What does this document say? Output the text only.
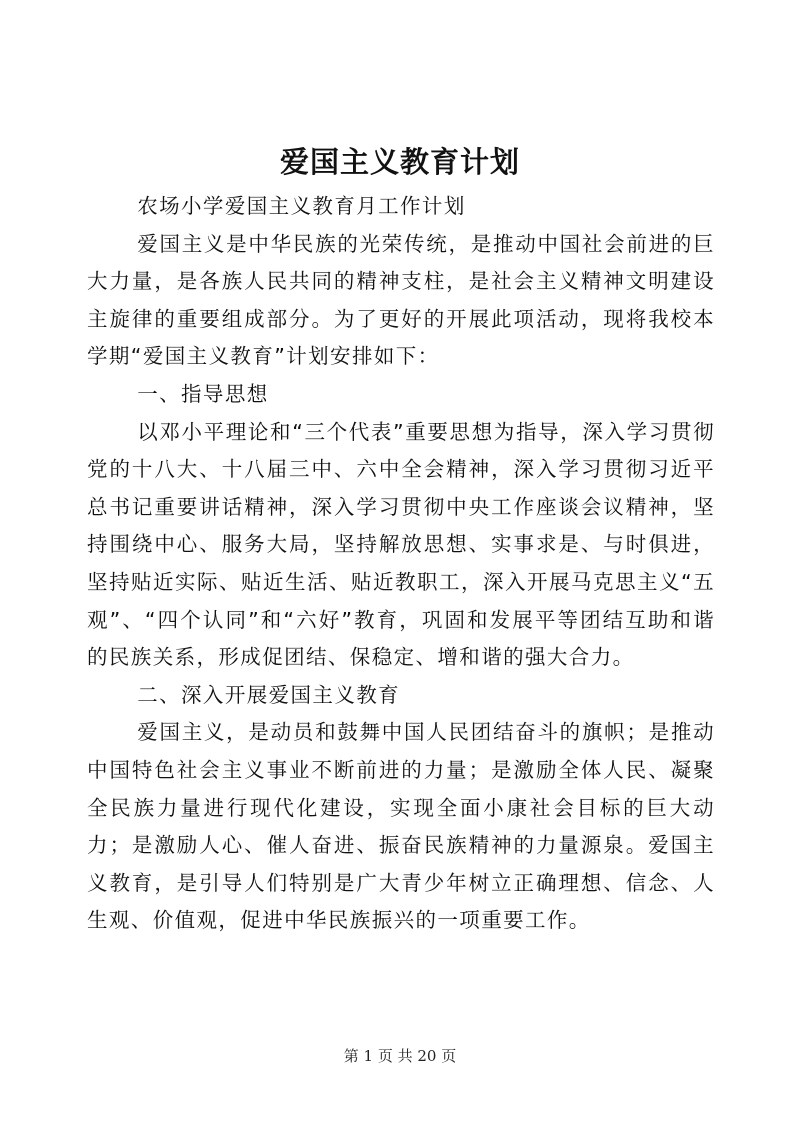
爱国主义教育计划

农场小学爱国主义教育月工作计划

爱国主义是中华民族的光荣传统，是推动中国社会前进的巨大力量，是各族人民共同的精神支柱，是社会主义精神文明建设主旋律的重要组成部分。为了更好的开展此项活动，现将我校本学期“爱国主义教育”计划安排如下：

一、指导思想

以邓小平理论和“三个代表”重要思想为指导，深入学习贯彻党的十八大、十八届三中、六中全会精神，深入学习贯彻习近平总书记重要讲话精神，深入学习贯彻中央工作座谈会议精神，坚持围绕中心、服务大局，坚持解放思想、实事求是、与时俱进，坚持贴近实际、贴近生活、贴近教职工，深入开展马克思主义“五观”、“四个认同”和“六好”教育，巩固和发展平等团结互助和谐的民族关系，形成促团结、保稳定、增和谐的强大合力。

二、深入开展爱国主义教育

爱国主义，是动员和鼓舞中国人民团结奋斗的旗帜；是推动中国特色社会主义事业不断前进的力量；是激励全体人民、凝聚全民族力量进行现代化建设，实现全面小康社会目标的巨大动力；是激励人心、催人奋进、振奋民族精神的力量源泉。爱国主义教育，是引导人们特别是广大青少年树立正确理想、信念、人生观、价值观，促进中华民族振兴的一项重要工作。

第 1 页 共 20 页
